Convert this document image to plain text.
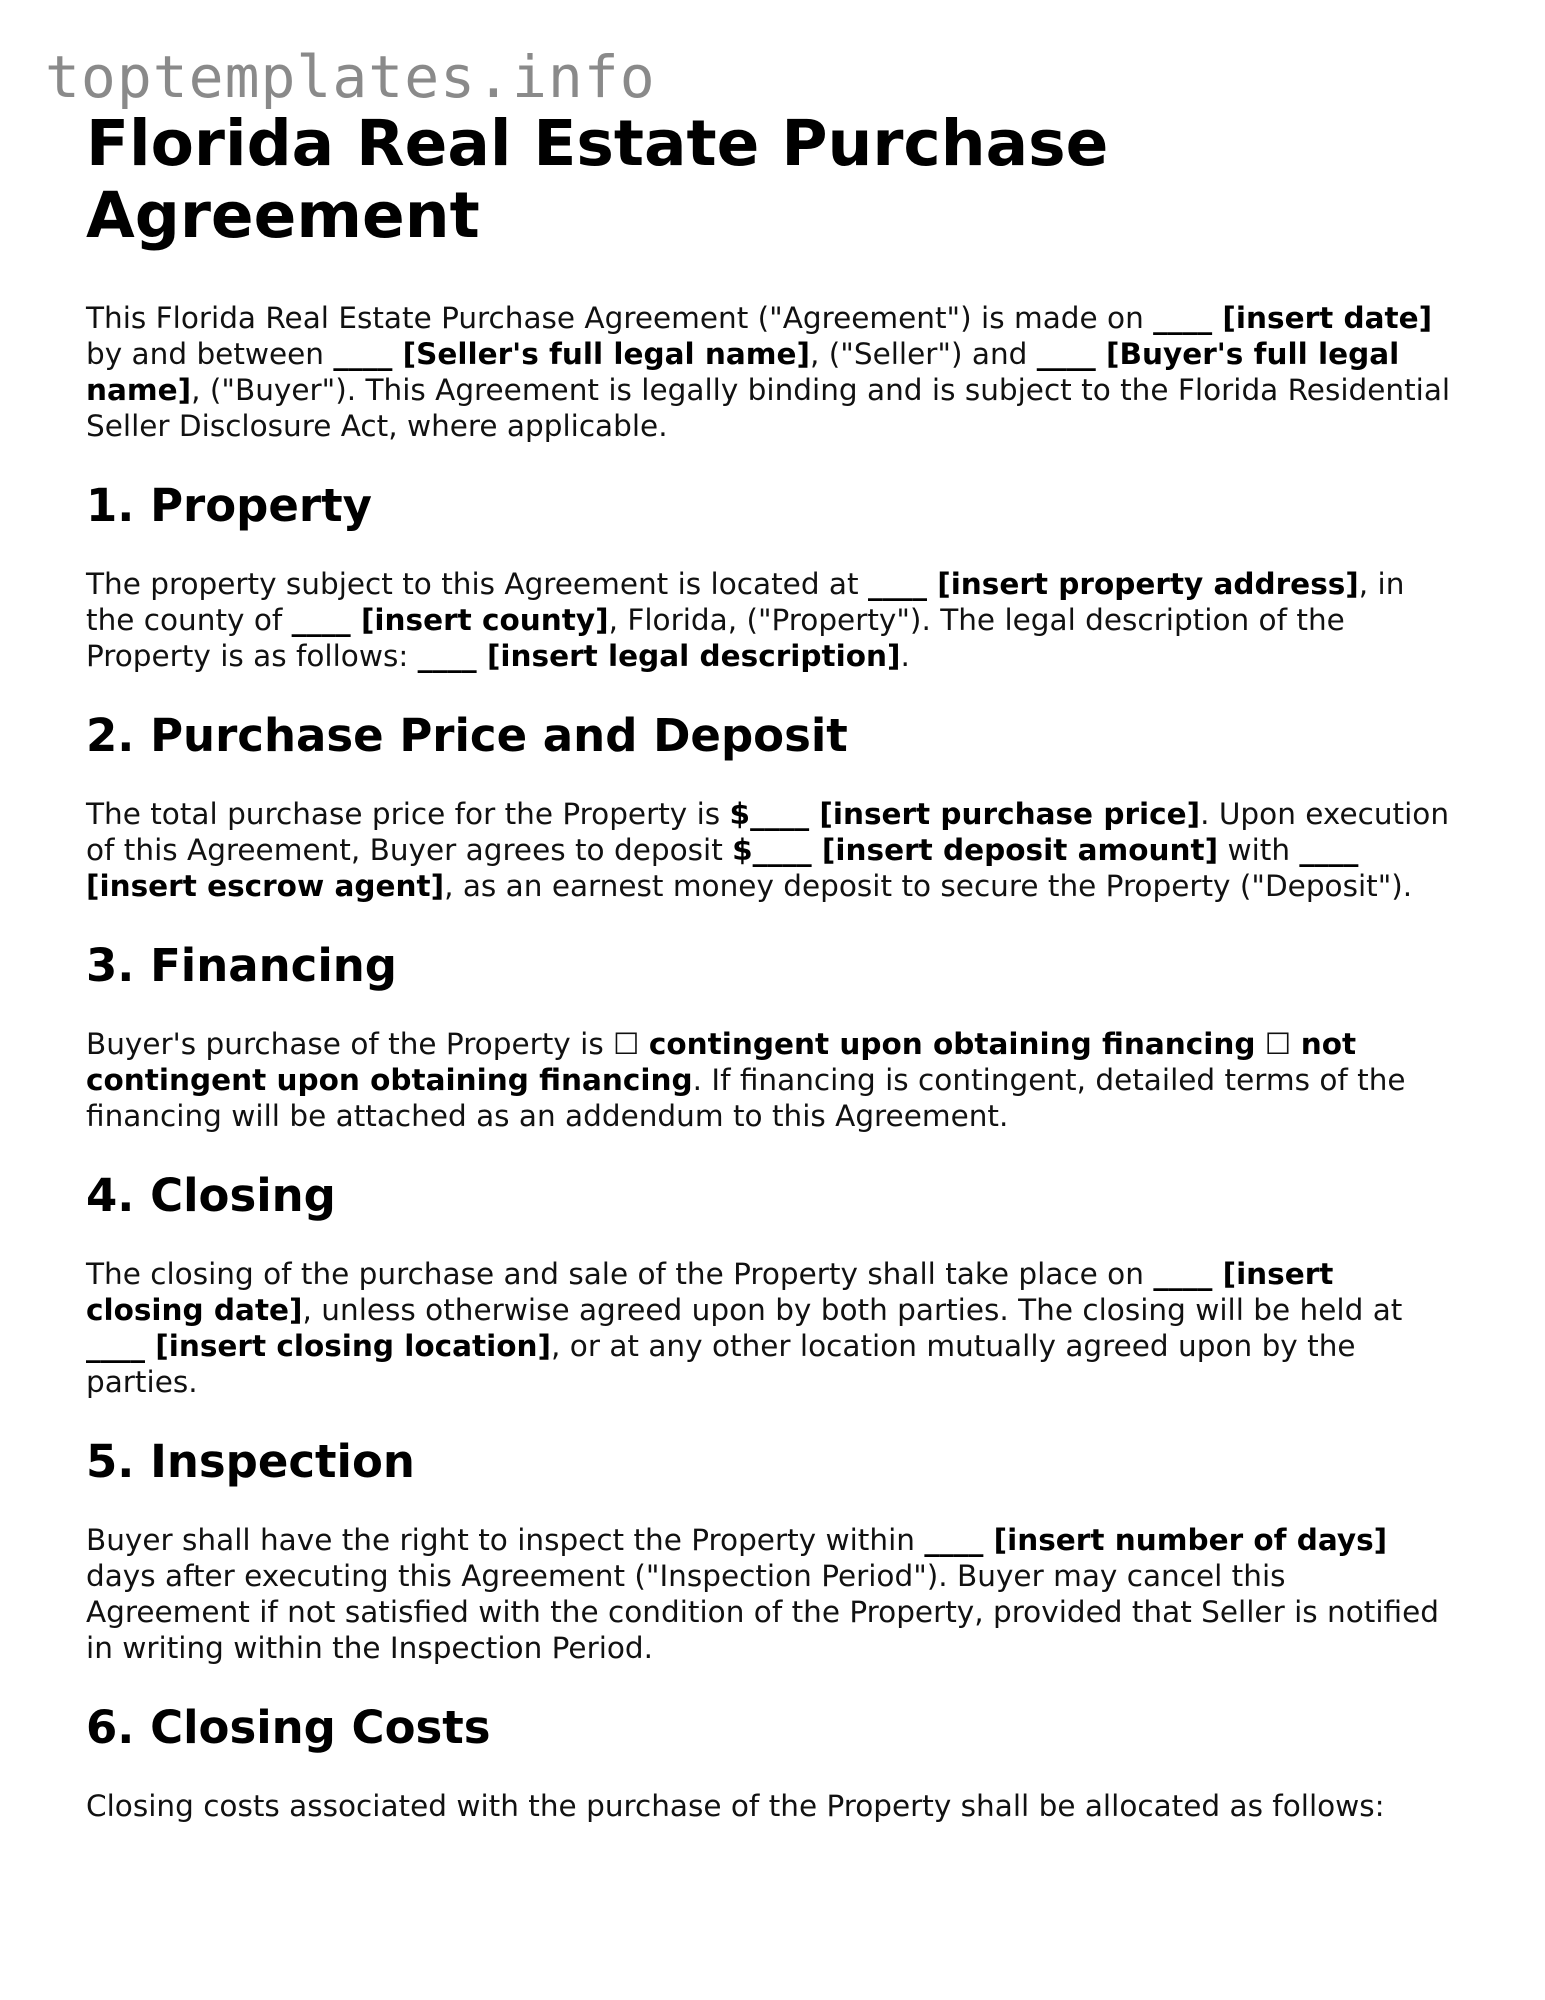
toptemplates.info
Florida Real Estate Purchase Agreement

This Florida Real Estate Purchase Agreement ("Agreement") is made on ____ [insert date] by and between ____ [Seller's full legal name], ("Seller") and ____ [Buyer's full legal name], ("Buyer"). This Agreement is legally binding and is subject to the Florida Residential Seller Disclosure Act, where applicable.

1. Property

The property subject to this Agreement is located at ____ [insert property address], in the county of ____ [insert county], Florida, ("Property"). The legal description of the Property is as follows: ____ [insert legal description].

2. Purchase Price and Deposit

The total purchase price for the Property is $____ [insert purchase price]. Upon execution of this Agreement, Buyer agrees to deposit $____ [insert deposit amount] with ____ [insert escrow agent], as an earnest money deposit to secure the Property ("Deposit").

3. Financing

Buyer's purchase of the Property is ☐ contingent upon obtaining financing ☐ not contingent upon obtaining financing. If financing is contingent, detailed terms of the financing will be attached as an addendum to this Agreement.

4. Closing

The closing of the purchase and sale of the Property shall take place on ____ [insert closing date], unless otherwise agreed upon by both parties. The closing will be held at ____ [insert closing location], or at any other location mutually agreed upon by the parties.

5. Inspection

Buyer shall have the right to inspect the Property within ____ [insert number of days] days after executing this Agreement ("Inspection Period"). Buyer may cancel this Agreement if not satisfied with the condition of the Property, provided that Seller is notified in writing within the Inspection Period.

6. Closing Costs

Closing costs associated with the purchase of the Property shall be allocated as follows:
